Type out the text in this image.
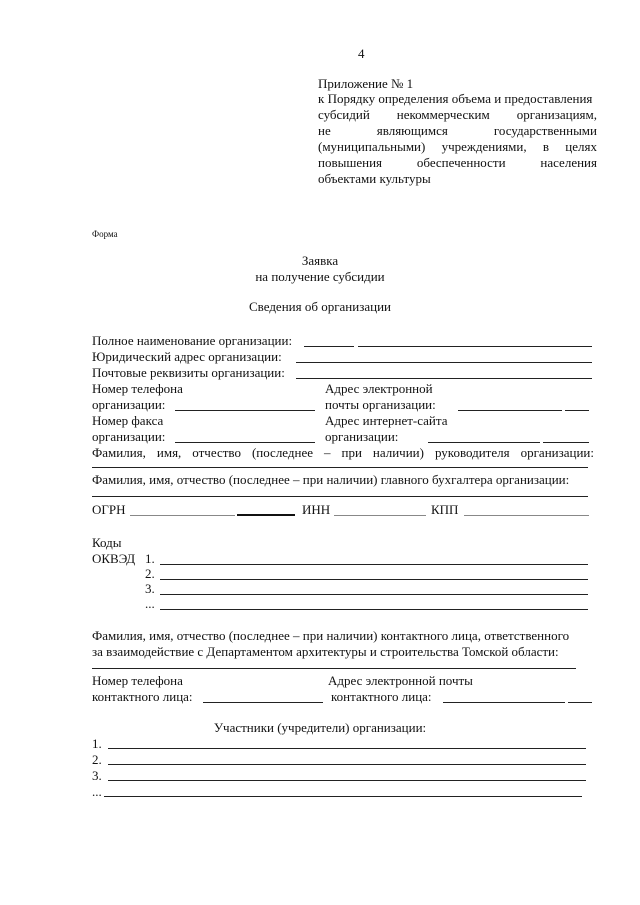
4
Приложение № 1
к Порядку определения объема и предоставления
субсидий некоммерческим организациям,
не	являющимся	государственными
(муниципальными) учреждениями, в целях
повышения	обеспеченности	населения
объектами культуры
Форма
Заявка
на получение субсидии
Сведения об организации
Полное наименование организации:
Юридический адрес организации:
Почтовые реквизиты организации:
Номер телефона
организации:
Адрес электронной
почты организации:
Номер факса
организации:
Адрес интернет-сайта
организации:
Фамилия, имя, отчество (последнее – при наличии) руководителя организации:
Фамилия, имя, отчество (последнее – при наличии) главного бухгалтера организации:
ОГРН	ИНН	КПП
Коды
ОКВЭД 1.
2.
3.
...
Фамилия, имя, отчество (последнее – при наличии) контактного лица, ответственного
за взаимодействие с Департаментом архитектуры и строительства Томской области:
Номер телефона
контактного лица:
Адрес электронной почты
контактного лица:
Участники (учредители) организации:
1.
2.
3.
...
